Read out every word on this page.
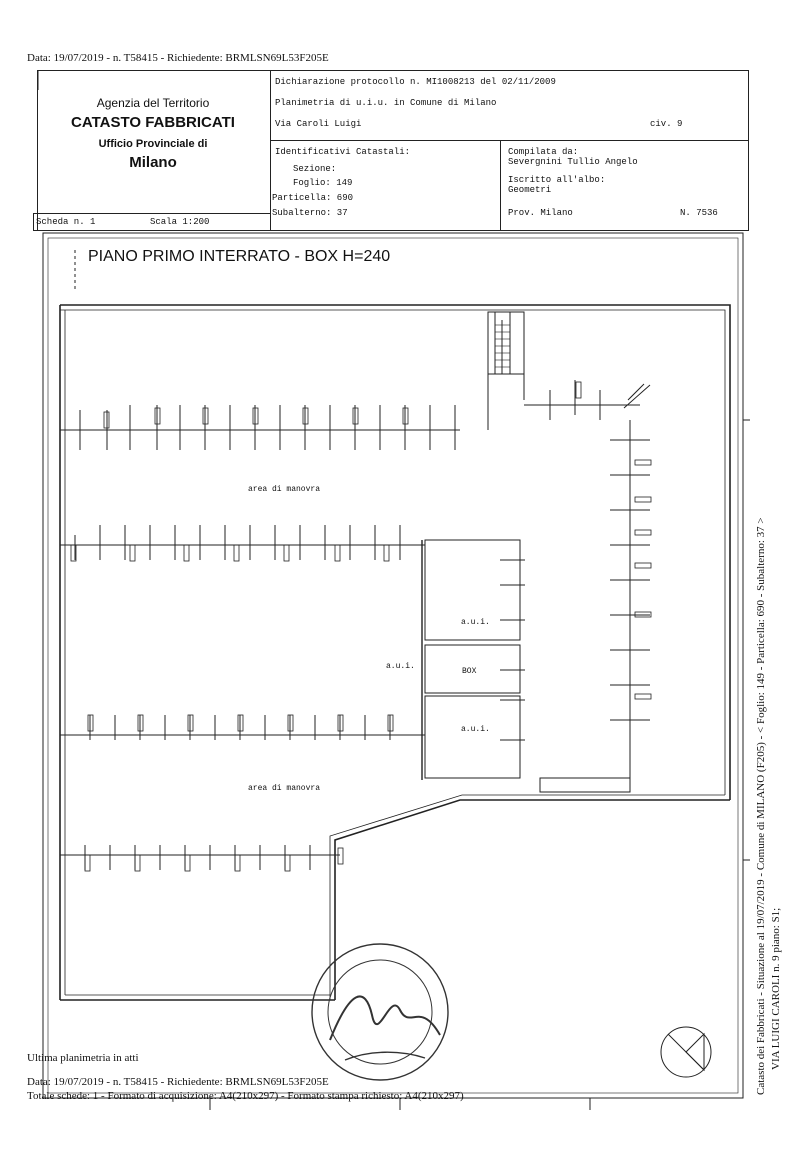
Data: 19/07/2019 - n. T58415 - Richiedente: BRMLSN69L53F205E
Agenzia del Territorio
CATASTO FABBRICATI
Ufficio Provinciale di
Milano
Dichiarazione protocollo n. MI1008213 del 02/11/2009
Planimetria di u.i.u. in Comune di Milano
Via Caroli Luigi	civ. 9
Identificativi Catastali:
Sezione:
Foglio: 149
Particella: 690
Subalterno: 37
Compilata da:
Severgnini Tullio Angelo
Iscritto all'albo:
Geometri
Prov. Milano	N. 7536
Scheda n. 1	Scala 1:200
PIANO PRIMO INTERRATO - BOX H=240
area di manovra
area di manovra
a.u.i.
a.u.i.
BOX
a.u.i.	Catasto dei Fabbricati - Situazione al 19/07/2019 - Comune di MILANO (F205) - < Foglio: 149 - Particella: 690 - Subalterno: 37 > VIA LUIGI CAROLI n. 9 piano: S1;
Ultima planimetria in atti
Data: 19/07/2019 - n. T58415 - Richiedente: BRMLSN69L53F205E
Totale schede: 1 - Formato di acquisizione: A4(210x297) - Formato stampa richiesto: A4(210x297)
